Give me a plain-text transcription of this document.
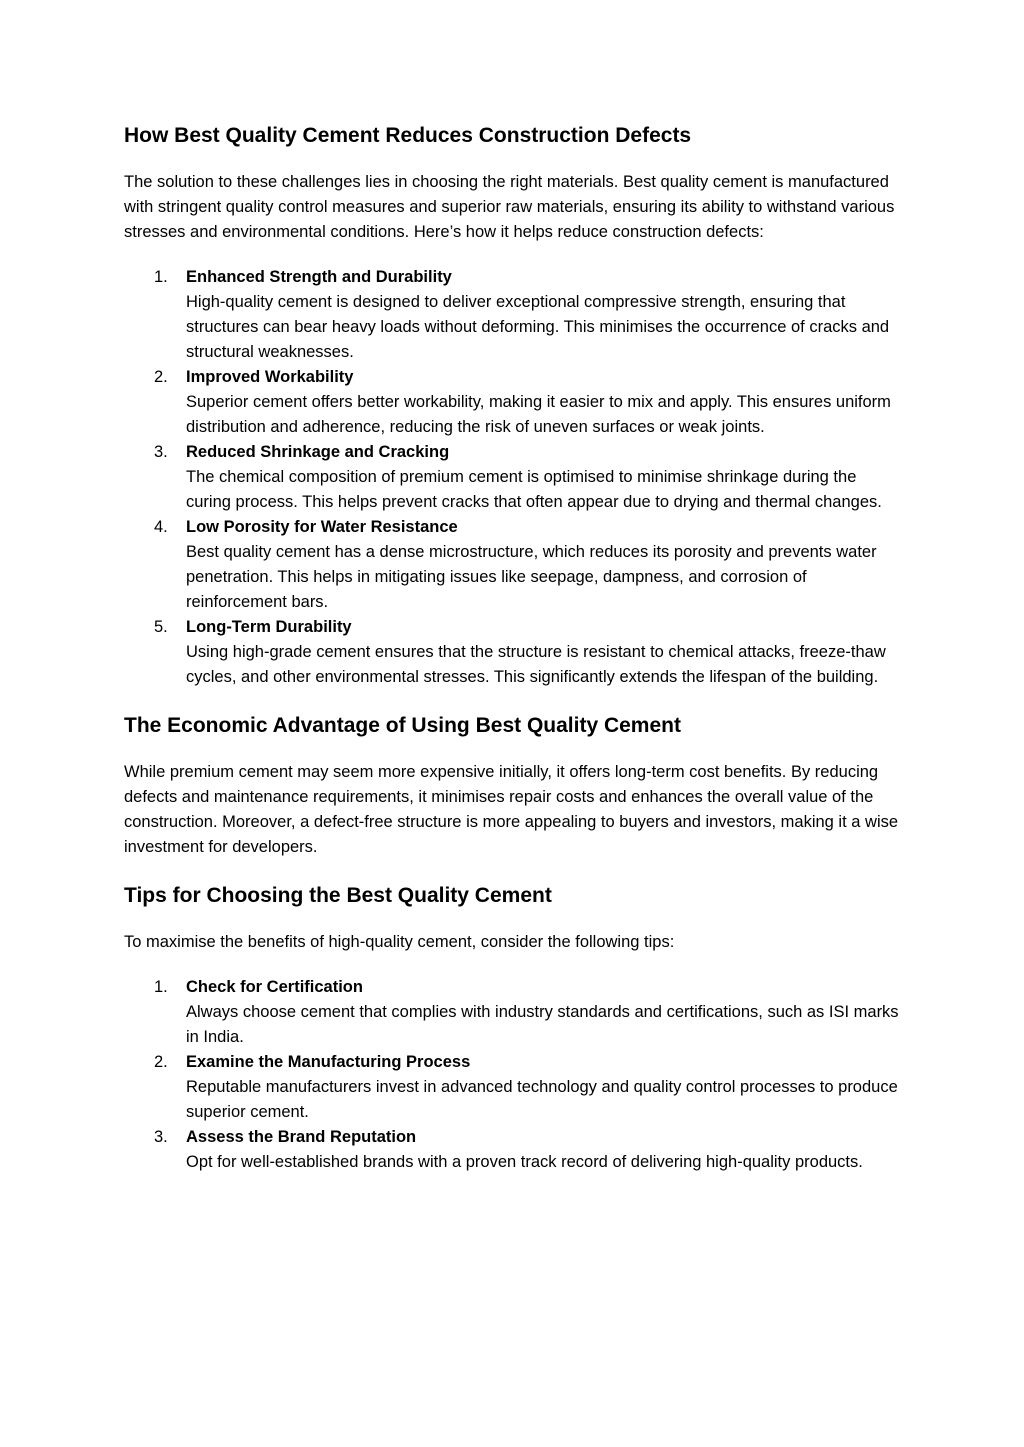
How Best Quality Cement Reduces Construction Defects

The solution to these challenges lies in choosing the right materials. Best quality cement is manufactured with stringent quality control measures and superior raw materials, ensuring its ability to withstand various stresses and environmental conditions. Here’s how it helps reduce construction defects:

1.	Enhanced Strength and Durability
High-quality cement is designed to deliver exceptional compressive strength, ensuring that structures can bear heavy loads without deforming. This minimises the occurrence of cracks and structural weaknesses.
2.	Improved Workability
Superior cement offers better workability, making it easier to mix and apply. This ensures uniform distribution and adherence, reducing the risk of uneven surfaces or weak joints.
3.	Reduced Shrinkage and Cracking
The chemical composition of premium cement is optimised to minimise shrinkage during the curing process. This helps prevent cracks that often appear due to drying and thermal changes.
4.	Low Porosity for Water Resistance
Best quality cement has a dense microstructure, which reduces its porosity and prevents water penetration. This helps in mitigating issues like seepage, dampness, and corrosion of reinforcement bars.
5.	Long-Term Durability
Using high-grade cement ensures that the structure is resistant to chemical attacks, freeze-thaw cycles, and other environmental stresses. This significantly extends the lifespan of the building.
The Economic Advantage of Using Best Quality Cement

While premium cement may seem more expensive initially, it offers long-term cost benefits. By reducing defects and maintenance requirements, it minimises repair costs and enhances the overall value of the construction. Moreover, a defect-free structure is more appealing to buyers and investors, making it a wise investment for developers.

Tips for Choosing the Best Quality Cement

To maximise the benefits of high-quality cement, consider the following tips:

1.	Check for Certification
Always choose cement that complies with industry standards and certifications, such as ISI marks in India.
2.	Examine the Manufacturing Process
Reputable manufacturers invest in advanced technology and quality control processes to produce superior cement.
3.	Assess the Brand Reputation
Opt for well-established brands with a proven track record of delivering high-quality products.
